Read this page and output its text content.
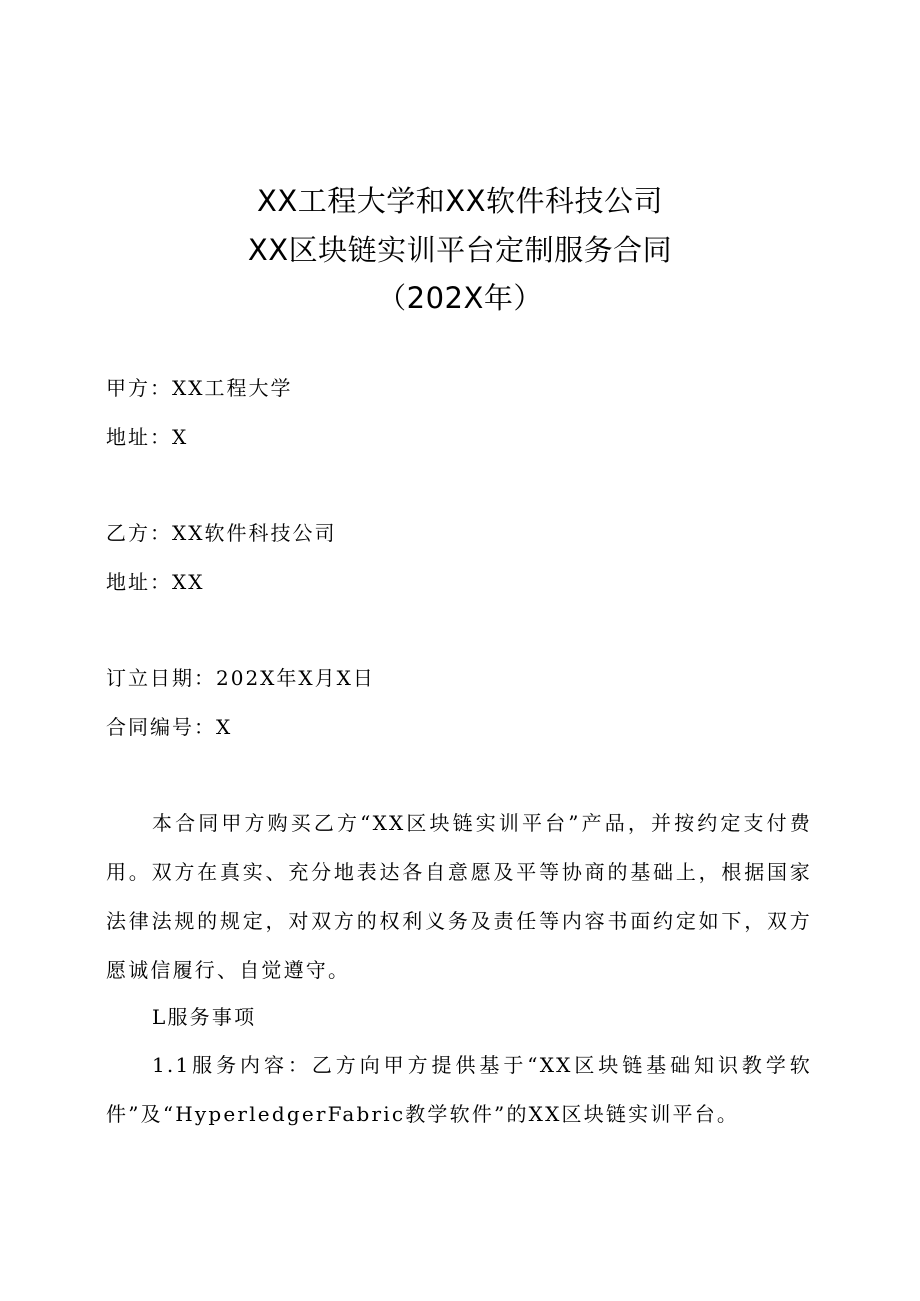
XX工程大学和XX软件科技公司
XX区块链实训平台定制服务合同
（202X年）
甲方：XX工程大学
地址：X
乙方：XX软件科技公司
地址：XX
订立日期：202X年X月X日
合同编号：X

本合同甲方购买乙方“XX区块链实训平台”产品，并按约定支付费用。双方在真实、充分地表达各自意愿及平等协商的基础上，根据国家法律法规的规定，对双方的权利义务及责任等内容书面约定如下，双方愿诚信履行、自觉遵守。

L服务事项

1.1服务内容：乙方向甲方提供基于“XX区块链基础知识教学软件”及“HyperledgerFabric教学软件”的XX区块链实训平台。
